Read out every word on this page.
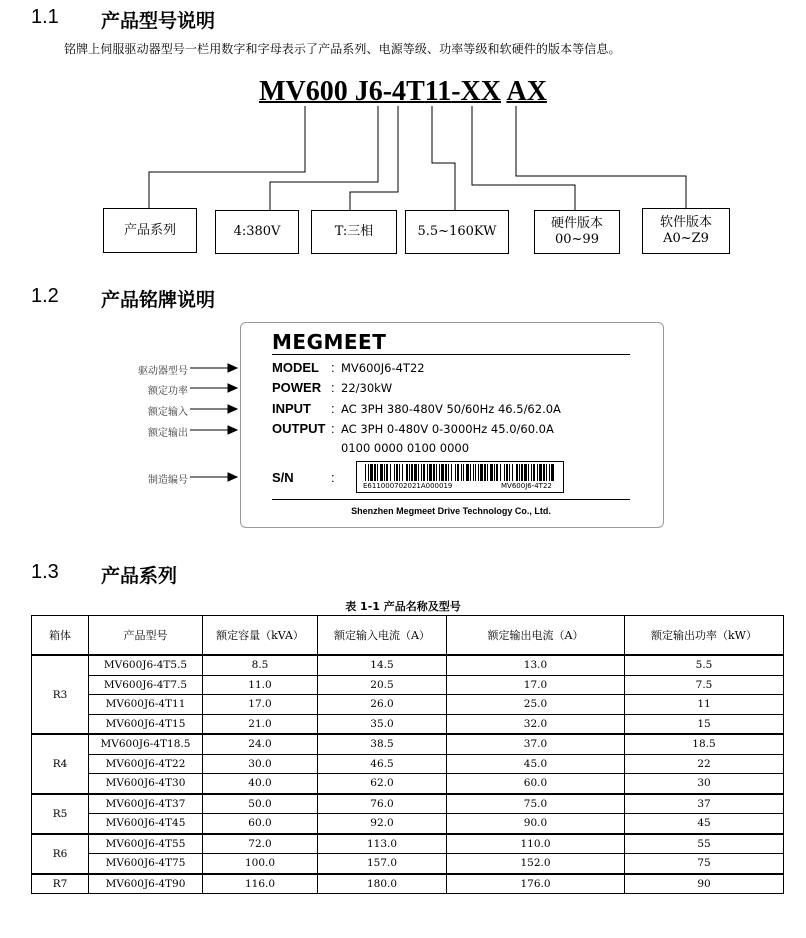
1.1 产品型号说明
铭牌上伺服驱动器型号一栏用数字和字母表示了产品系列、电源等级、功率等级和软硬件的版本等信息。
MV600 J6-4T11-XX AX
产品系列	4:380V	T:三相	5.5~160KW
硬件版本
00~99
软件版本
A0~Z9
1.2 产品铭牌说明
MEGMEET
MODEL : MV600J6-4T22
POWER : 22/30kW
INPUT : AC 3PH 380-480V 50/60Hz 46.5/62.0A
OUTPUT : AC 3PH 0-480V 0-3000Hz 45.0/60.0A
0100 0000 0100 0000
S/N	:
E611000702021A000019	MV600J6-4T22
Shenzhen Megmeet Drive Technology Co., Ltd.
驱动器型号
额定功率
额定输入
额定输出
制造编号
1.3 产品系列
表 1-1 产品名称及型号
箱体	产品型号	额定容量（kVA）	额定输入电流（A）	额定输出电流（A）	额定输出功率（kW）
R3	MV600J6-4T5.5	8.5	14.5	13.0	5.5
	MV600J6-4T7.5	11.0	20.5	17.0	7.5
	MV600J6-4T11	17.0	26.0	25.0	11
	MV600J6-4T15	21.0	35.0	32.0	15
R4	MV600J6-4T18.5	24.0	38.5	37.0	18.5
	MV600J6-4T22	30.0	46.5	45.0	22
	MV600J6-4T30	40.0	62.0	60.0	30
R5	MV600J6-4T37	50.0	76.0	75.0	37
	MV600J6-4T45	60.0	92.0	90.0	45
R6	MV600J6-4T55	72.0	113.0	110.0	55
	MV600J6-4T75	100.0	157.0	152.0	75
R7	MV600J6-4T90	116.0	180.0	176.0	90
